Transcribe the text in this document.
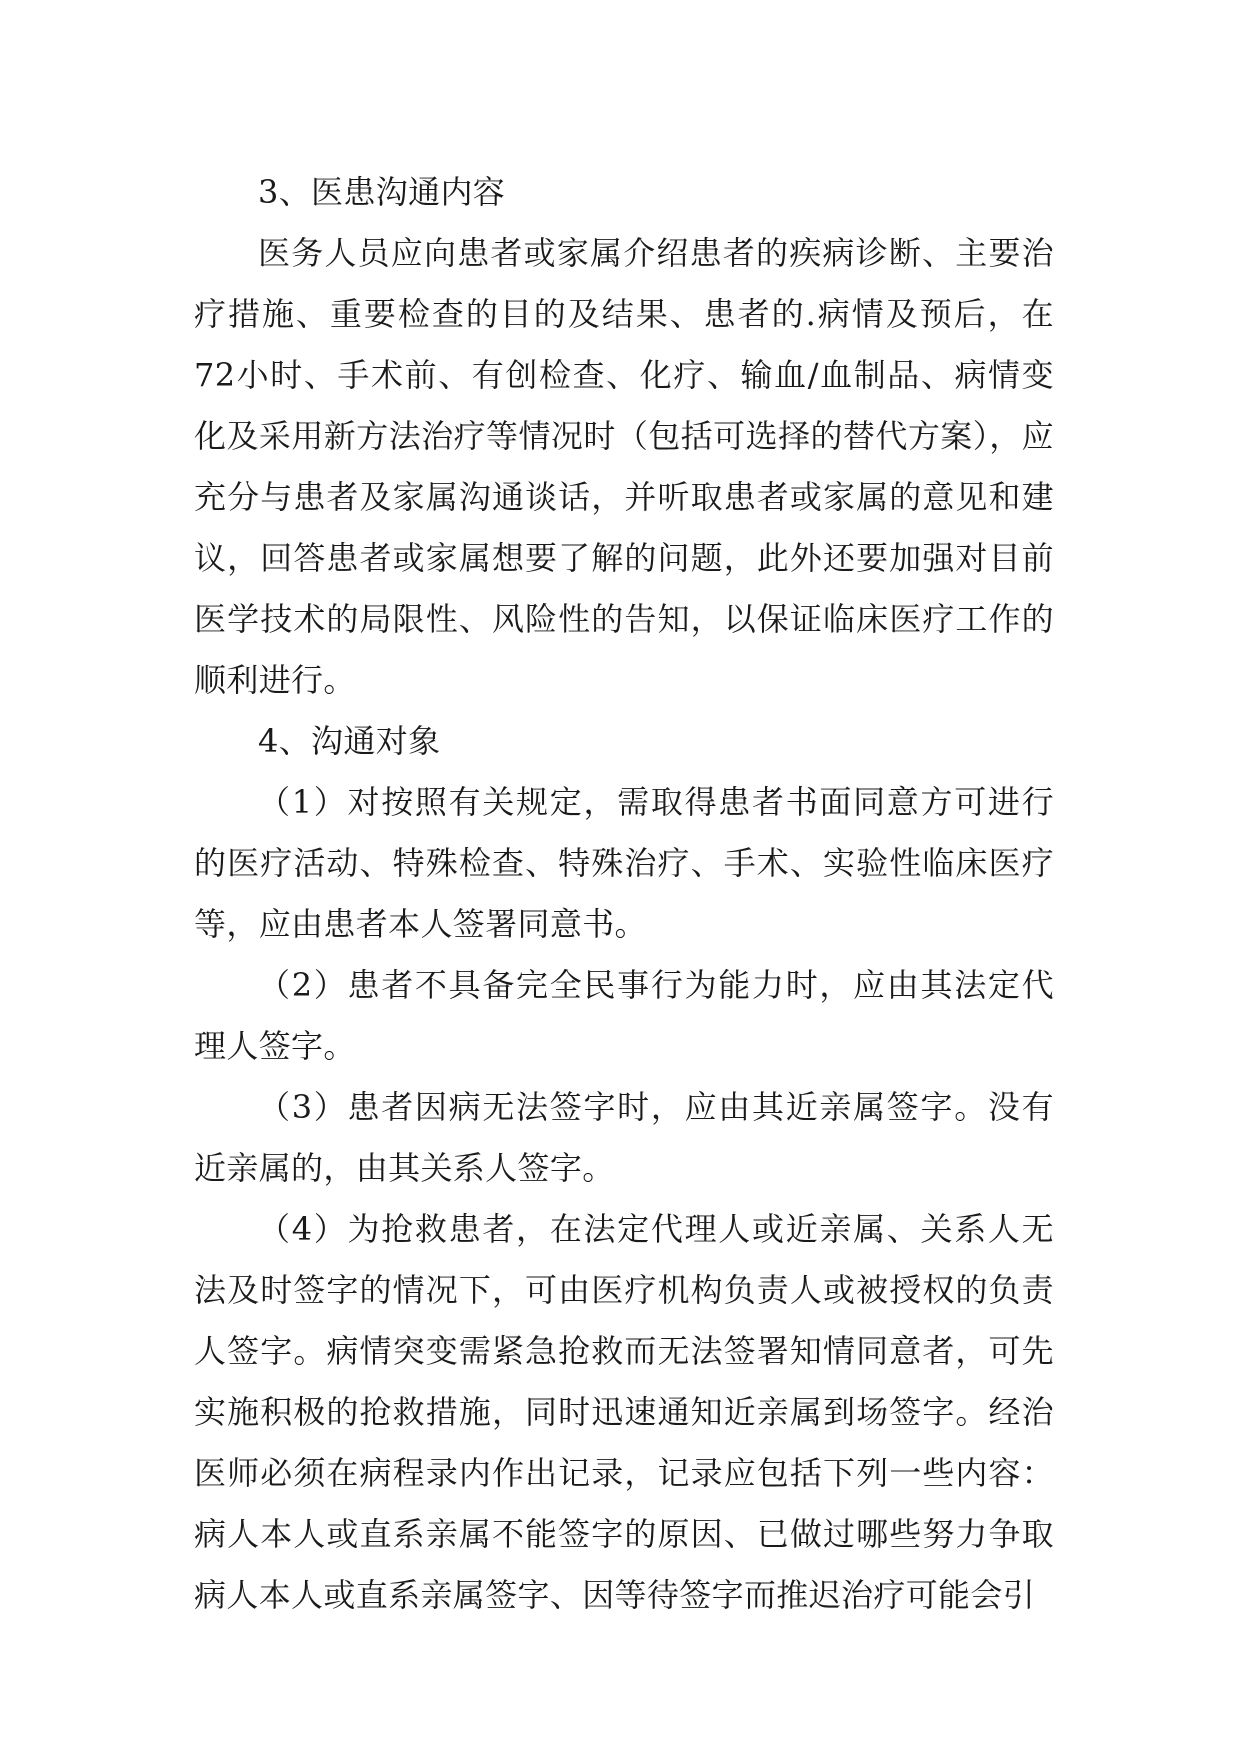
3、医患沟通内容

医务人员应向患者或家属介绍患者的疾病诊断、主要治疗措施、重要检查的目的及结果、患者的.病情及预后，在72小时、手术前、有创检查、化疗、输血/血制品、病情变化及采用新方法治疗等情况时（包括可选择的替代方案），应充分与患者及家属沟通谈话，并听取患者或家属的意见和建议，回答患者或家属想要了解的问题，此外还要加强对目前医学技术的局限性、风险性的告知，以保证临床医疗工作的顺利进行。

4、沟通对象

（1）对按照有关规定，需取得患者书面同意方可进行的医疗活动、特殊检查、特殊治疗、手术、实验性临床医疗等，应由患者本人签署同意书。

（2）患者不具备完全民事行为能力时，应由其法定代理人签字。

（3）患者因病无法签字时，应由其近亲属签字。没有近亲属的，由其关系人签字。

（4）为抢救患者，在法定代理人或近亲属、关系人无法及时签字的情况下，可由医疗机构负责人或被授权的负责人签字。病情突变需紧急抢救而无法签署知情同意者，可先实施积极的抢救措施，同时迅速通知近亲属到场签字。经治医师必须在病程录内作出记录，记录应包括下列一些内容：病人本人或直系亲属不能签字的原因、已做过哪些努力争取病人本人或直系亲属签字、因等待签字而推迟治疗可能会引
